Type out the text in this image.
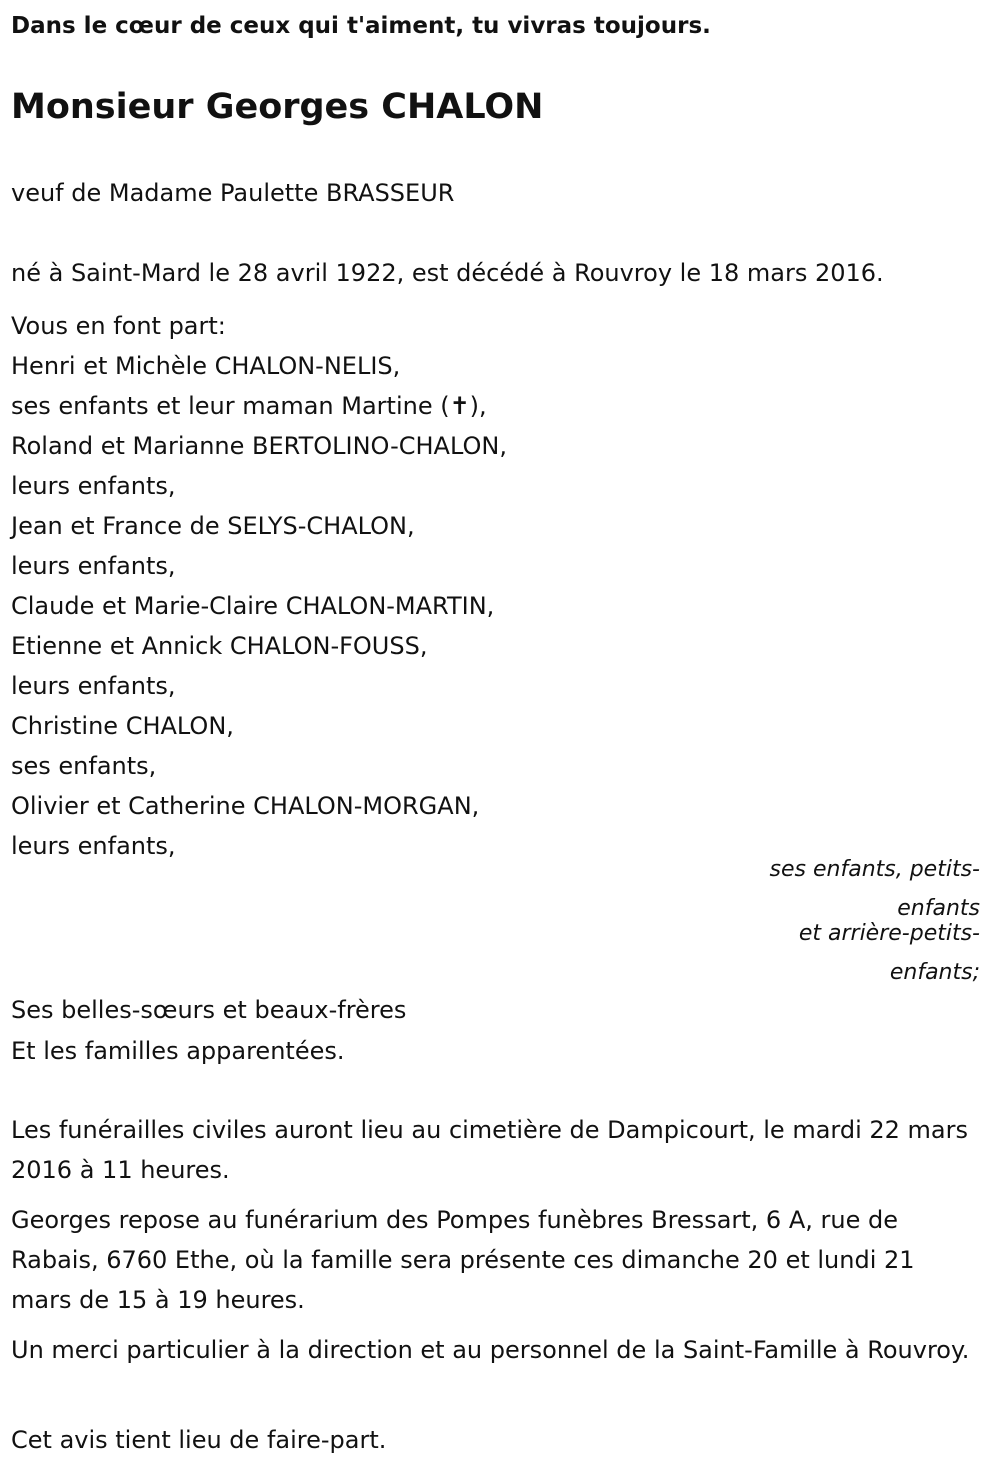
Dans le cœur de ceux qui t'aiment, tu vivras toujours.
Monsieur Georges CHALON
veuf de Madame Paulette BRASSEUR
né à Saint-Mard le 28 avril 1922, est décédé à Rouvroy le 18 mars 2016.
Vous en font part:
Henri et Michèle CHALON-NELIS,
ses enfants et leur maman Martine (✝),
Roland et Marianne BERTOLINO-CHALON,
leurs enfants,
Jean et France de SELYS-CHALON,
leurs enfants,
Claude et Marie-Claire CHALON-MARTIN,
Etienne et Annick CHALON-FOUSS,
leurs enfants,
Christine CHALON,
ses enfants,
Olivier et Catherine CHALON-MORGAN,
leurs enfants,
ses enfants, petits-enfants
et arrière-petits-enfants;
Ses belles-sœurs et beaux-frères
Et les familles apparentées.
Les funérailles civiles auront lieu au cimetière de Dampicourt, le mardi 22 mars 2016 à 11 heures.
Georges repose au funérarium des Pompes funèbres Bressart, 6 A, rue de Rabais, 6760 Ethe, où la famille sera présente ces dimanche 20 et lundi 21 mars de 15 à 19 heures.
Un merci particulier à la direction et au personnel de la Saint-Famille à Rouvroy.
Cet avis tient lieu de faire-part.
